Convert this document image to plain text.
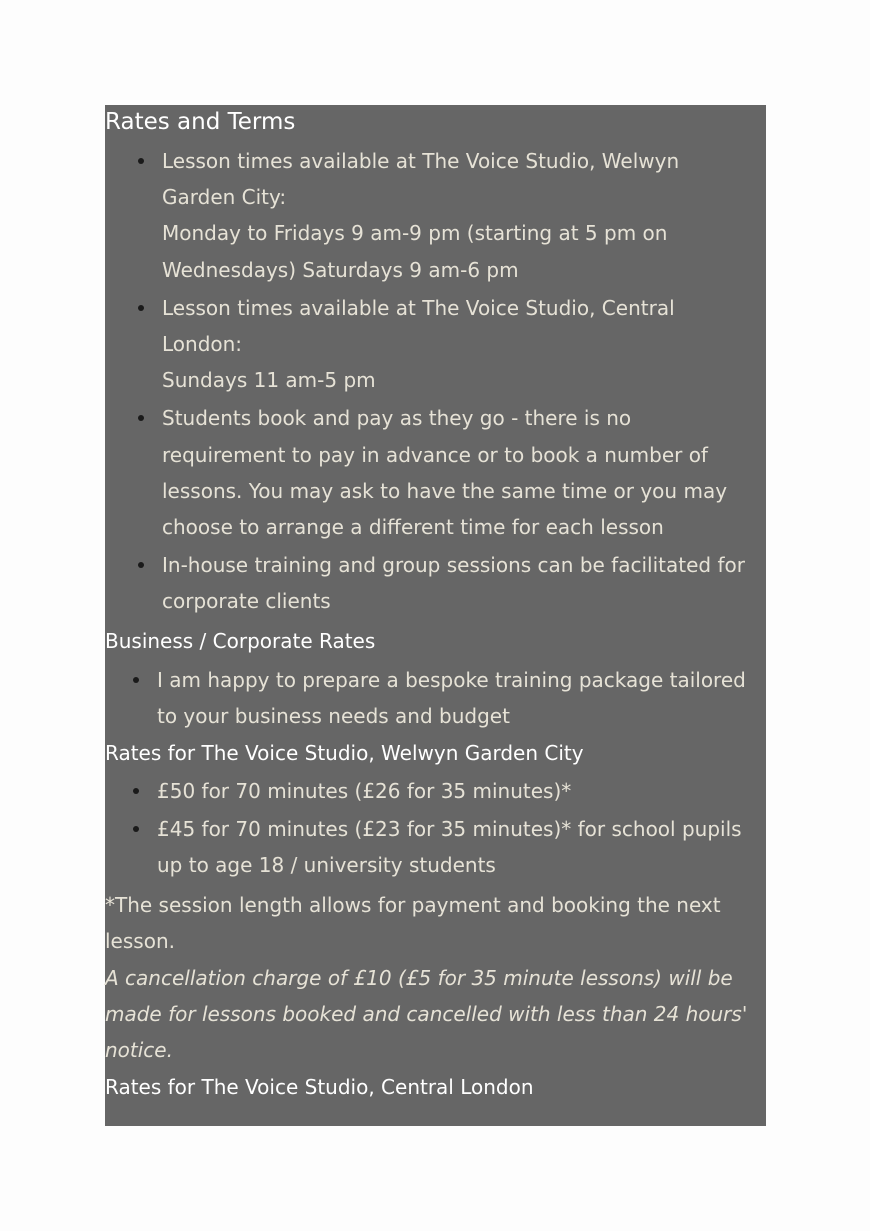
Rates and Terms
Lesson times available at The Voice Studio, Welwyn
Garden City:
Monday to Fridays 9 am-9 pm (starting at 5 pm on
Wednesdays) Saturdays 9 am-6 pm
Lesson times available at The Voice Studio, Central
London:
Sundays 11 am-5 pm
Students book and pay as they go - there is no
requirement to pay in advance or to book a number of
lessons. You may ask to have the same time or you may
choose to arrange a different time for each lesson
In-house training and group sessions can be facilitated for
corporate clients
Business / Corporate Rates
I am happy to prepare a bespoke training package tailored
to your business needs and budget
Rates for The Voice Studio, Welwyn Garden City
£50 for 70 minutes (£26 for 35 minutes)*
£45 for 70 minutes (£23 for 35 minutes)* for school pupils
up to age 18 / university students

*The session length allows for payment and booking the next
lesson.

A cancellation charge of £10 (£5 for 35 minute lessons) will be
made for lessons booked and cancelled with less than 24 hours'
notice.

Rates for The Voice Studio, Central London
